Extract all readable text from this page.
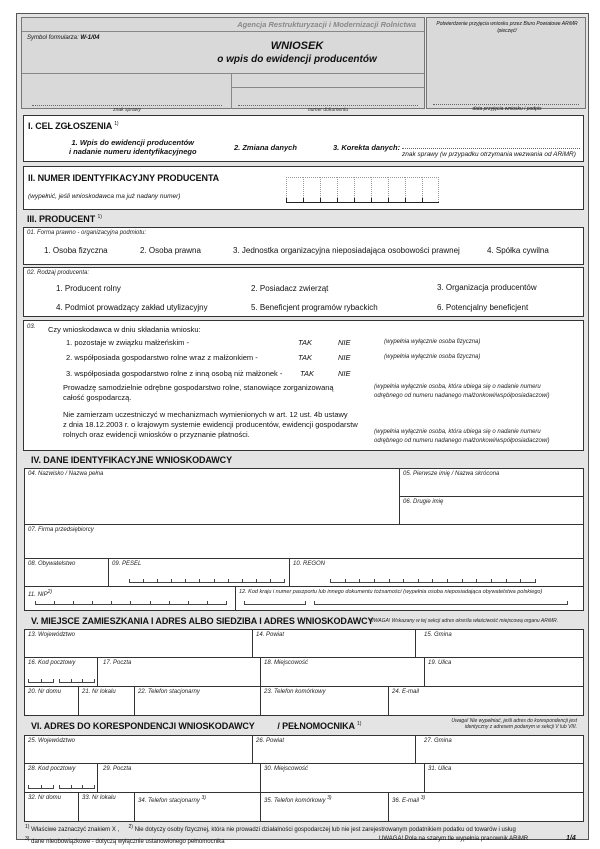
Agencja Restrukturyzacji i Modernizacji Rolnictwa
Symbol formularza: W-1/04
WNIOSEK
o wpis do ewidencji producentów
znak sprawy	numer dokumentu
Potwierdzenie przyjęcia wniosku przez Biuro Powiatowe ARiMR
/pieczęć/
data przyjęcia wniosku i podpis
I. CEL ZGŁOSZENIA $^{1)}$
1. Wpis do ewidencji producentów
i nadanie numeru identyfikacyjnego	2. Zmiana danych	3. Korekta danych:
znak sprawy (w przypadku otrzymania wezwania od ARiMR)
II. NUMER IDENTYFIKACYJNY PRODUCENTA
(wypełnić, jeśli wnioskodawca ma już nadany numer)
III. PRODUCENT $^{1)}$
01. Forma prawno - organizacyjna podmiotu:
1. Osoba fizyczna	2. Osoba prawna	3. Jednostka organizacyjna nieposiadająca osobowości prawnej	4. Spółka cywilna
02. Rodzaj producenta:
1. Producent rolny	2. Posiadacz zwierząt	3. Organizacja producentów
4. Podmiot prowadzący zakład utylizacyjny	5. Beneficjent programów rybackich	6. Potencjalny beneficjent
03. Czy wnioskodawca w dniu składania wniosku:
1. pozostaje w związku małżeńskim -	TAK	NIE	(wypełnia wyłącznie osoba fizyczna)
2. współposiada gospodarstwo rolne wraz z małżonkiem -	TAK	NIE	(wypełnia wyłącznie osoba fizyczna)
3. współposiada gospodarstwo rolne z inną osobą niż małżonek - TAK	NIE
Prowadzę samodzielnie odrębne gospodarstwo rolne, stanowiące zorganizowaną
całość gospodarczą.
(wypełnia wyłącznie osoba, która ubiega się o nadanie numeru
odrębnego od numeru nadanego małżonkowi/współposiadaczowi)
Nie zamierzam uczestniczyć w mechanizmach wymienionych w art. 12 ust. 4b ustawy
z dnia 18.12.2003 r. o krajowym systemie ewidencji producentów, ewidencji gospodarstw
rolnych oraz ewidencji wniosków o przyznanie płatności.	(wypełnia wyłącznie osoba, która ubiega się o nadanie numeru
odrębnego od numeru nadanego małżonkowi/współposiadaczowi)
IV. DANE IDENTYFIKACYJNE WNIOSKODAWCY
04. Nazwisko / Nazwa pełna	05. Pierwsze imię / Nazwa skrócona
06. Drugie imię
07. Firma przedsiębiorcy
08. Obywatelstwo	09. PESEL	10. REGON
11. NIP$^{2)}$	12. Kod kraju i numer paszportu lub innego dokumentu tożsamości (wypełnia osoba nieposiadająca obywatelstwa polskiego)
V. MIEJSCE ZAMIESZKANIA I ADRES ALBO SIEDZIBA I ADRES WNIOSKODAWCY
UWAGA! Wskazany w tej sekcji adres określa właściwość miejscową organu ARiMR.
13. Województwo	14. Powiat	15. Gmina
16. Kod pocztowy	17. Poczta	18. Miejscowość	19. Ulica
20. Nr domu	21. Nr lokalu	22. Telefon stacjonarny	23. Telefon komórkowy	24. E-mail
VI. ADRES DO KORESPONDENCJI WNIOSKODAWCY	/ PEŁNOMOCNIKA $^{1)}$	Uwaga! Nie wypełniać, jeśli adres do korespondencji jest
identyczny z adresem podanym w sekcji V lub VIII.
25. Województwo	26. Powiat	27. Gmina
28. Kod pocztowy	29. Poczta	30. Miejscowość	31. Ulica
32. Nr domu	33. Nr lokalu	34. Telefon stacjonarny $^{3)}$	35. Telefon komórkowy $^{3)}$	36. E-mail $^{3)}$
$^{1)}$ Właściwe zaznaczyć znakiem X , $^{2)}$ Nie dotyczy osoby fizycznej, która nie prowadzi działalności gospodarczej lub nie jest zarejestrowanym podatnikiem podatku od towarów i usług
$^{3)}$ dane nieobowiązkowe - dotyczą wyłącznie ustanowionego pełnomocnika	UWAGA! Pola na szarym tle wypełnia pracownik ARiMR	1/4
